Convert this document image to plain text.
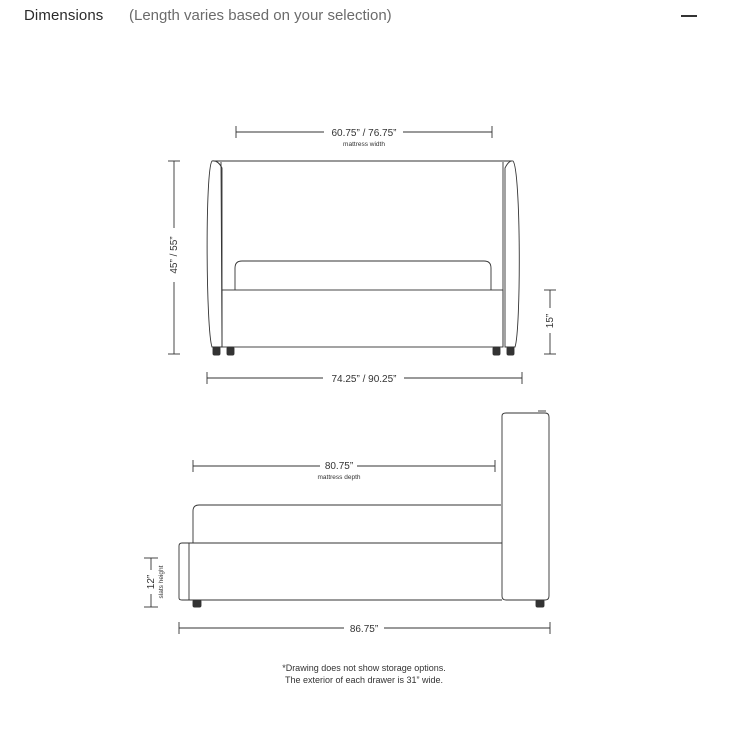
Dimensions (Length varies based on your selection)
60.75” / 76.75”
mattress width
45” / 55”
15”
74.25” / 90.25”
80.75”
mattress depth
12” slats height
86.75”
*Drawing does not show storage options.
The exterior of each drawer is 31” wide.
